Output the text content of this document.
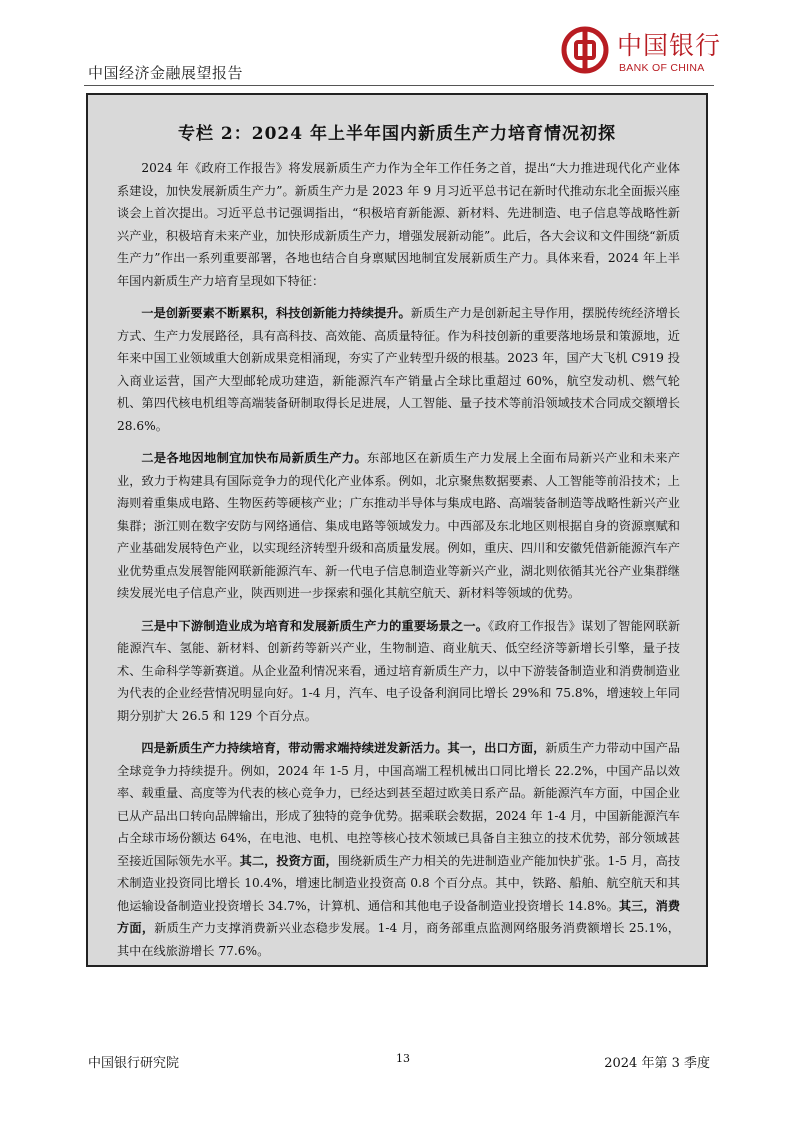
中国经济金融展望报告
中国银行
BANK OF CHINA
专栏 2：2024 年上半年国内新质生产力培育情况初探

2024 年《政府工作报告》将发展新质生产力作为全年工作任务之首，提出“大力推进现代化产业体系建设，加快发展新质生产力”。新质生产力是 2023 年 9 月习近平总书记在新时代推动东北全面振兴座谈会上首次提出。习近平总书记强调指出，“积极培育新能源、新材料、先进制造、电子信息等战略性新兴产业，积极培育未来产业，加快形成新质生产力，增强发展新动能”。此后，各大会议和文件围绕“新质生产力”作出一系列重要部署，各地也结合自身禀赋因地制宜发展新质生产力。具体来看，2024 年上半年国内新质生产力培育呈现如下特征：

一是创新要素不断累积，科技创新能力持续提升。新质生产力是创新起主导作用，摆脱传统经济增长方式、生产力发展路径，具有高科技、高效能、高质量特征。作为科技创新的重要落地场景和策源地，近年来中国工业领域重大创新成果竞相涌现，夯实了产业转型升级的根基。2023 年，国产大飞机 C919 投入商业运营，国产大型邮轮成功建造，新能源汽车产销量占全球比重超过 60%，航空发动机、燃气轮机、第四代核电机组等高端装备研制取得长足进展，人工智能、量子技术等前沿领域技术合同成交额增长 28.6%。

二是各地因地制宜加快布局新质生产力。东部地区在新质生产力发展上全面布局新兴产业和未来产业，致力于构建具有国际竞争力的现代化产业体系。例如，北京聚焦数据要素、人工智能等前沿技术；上海则着重集成电路、生物医药等硬核产业；广东推动半导体与集成电路、高端装备制造等战略性新兴产业集群；浙江则在数字安防与网络通信、集成电路等领域发力。中西部及东北地区则根据自身的资源禀赋和产业基础发展特色产业，以实现经济转型升级和高质量发展。例如，重庆、四川和安徽凭借新能源汽车产业优势重点发展智能网联新能源汽车、新一代电子信息制造业等新兴产业，湖北则依循其光谷产业集群继续发展光电子信息产业，陕西则进一步探索和强化其航空航天、新材料等领域的优势。

三是中下游制造业成为培育和发展新质生产力的重要场景之一。《政府工作报告》谋划了智能网联新能源汽车、氢能、新材料、创新药等新兴产业，生物制造、商业航天、低空经济等新增长引擎，量子技术、生命科学等新赛道。从企业盈利情况来看，通过培育新质生产力，以中下游装备制造业和消费制造业为代表的企业经营情况明显向好。1-4 月，汽车、电子设备利润同比增长 29%和 75.8%，增速较上年同期分别扩大 26.5 和 129 个百分点。

四是新质生产力持续培育，带动需求端持续迸发新活力。其一，出口方面，新质生产力带动中国产品全球竞争力持续提升。例如，2024 年 1-5 月，中国高端工程机械出口同比增长 22.2%，中国产品以效率、载重量、高度等为代表的核心竞争力，已经达到甚至超过欧美日系产品。新能源汽车方面，中国企业已从产品出口转向品牌输出，形成了独特的竞争优势。据乘联会数据，2024 年 1-4 月，中国新能源汽车占全球市场份额达 64%，在电池、电机、电控等核心技术领域已具备自主独立的技术优势，部分领域甚至接近国际领先水平。其二，投资方面，围绕新质生产力相关的先进制造业产能加快扩张。1-5 月，高技术制造业投资同比增长 10.4%，增速比制造业投资高 0.8 个百分点。其中，铁路、船舶、航空航天和其他运输设备制造业投资增长 34.7%，计算机、通信和其他电子设备制造业投资增长 14.8%。其三，消费方面，新质生产力支撑消费新兴业态稳步发展。1-4 月，商务部重点监测网络服务消费额增长 25.1%，其中在线旅游增长 77.6%。

中国银行研究院	13	2024 年第 3 季度
